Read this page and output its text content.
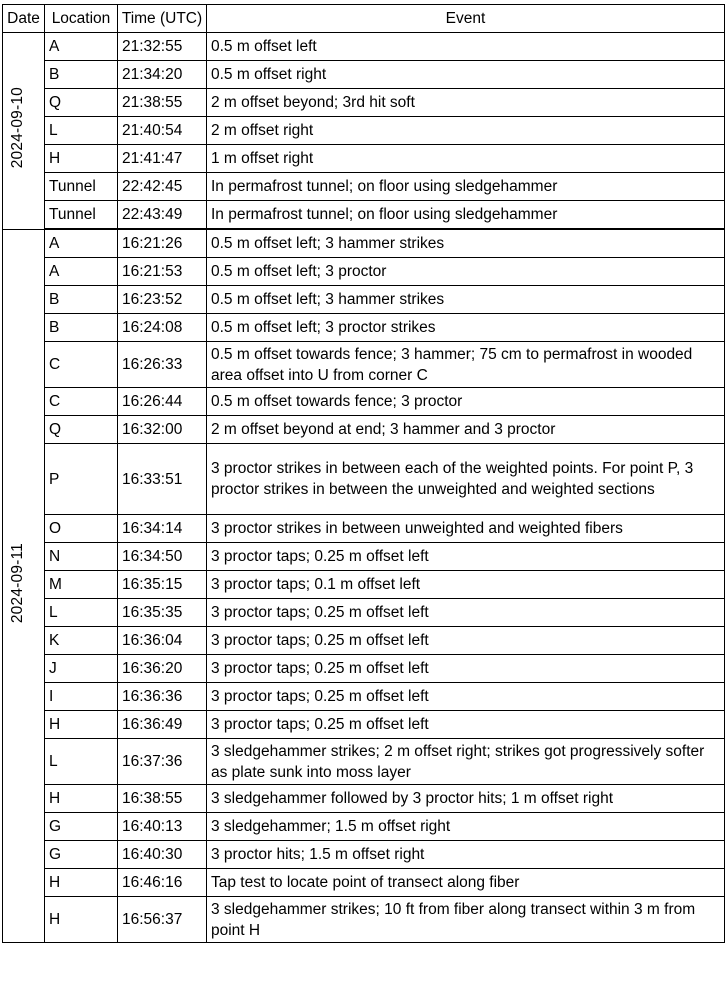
Date	Location	Time (UTC)	Event
2024-09-10	A	21:32:55	0.5 m offset left
	B	21:34:20	0.5 m offset right
	Q	21:38:55	2 m offset beyond; 3rd hit soft
	L	21:40:54	2 m offset right
	H	21:41:47	1 m offset right
	Tunnel	22:42:45	In permafrost tunnel; on floor using sledgehammer
	Tunnel	22:43:49	In permafrost tunnel; on floor using sledgehammer
2024-09-11	A	16:21:26	0.5 m offset left; 3 hammer strikes
	A	16:21:53	0.5 m offset left; 3 proctor
	B	16:23:52	0.5 m offset left; 3 hammer strikes
	B	16:24:08	0.5 m offset left; 3 proctor strikes
	C	16:26:33	0.5 m offset towards fence; 3 hammer; 75 cm to permafrost in wooded area offset into U from corner C
	C	16:26:44	0.5 m offset towards fence; 3 proctor
	Q	16:32:00	2 m offset beyond at end; 3 hammer and 3 proctor
	P	16:33:51	3 proctor strikes in between each of the weighted points. For point P, 3 proctor strikes in between the unweighted and weighted sections
	O	16:34:14	3 proctor strikes in between unweighted and weighted fibers
	N	16:34:50	3 proctor taps; 0.25 m offset left
	M	16:35:15	3 proctor taps; 0.1 m offset left
	L	16:35:35	3 proctor taps; 0.25 m offset left
	K	16:36:04	3 proctor taps; 0.25 m offset left
	J	16:36:20	3 proctor taps; 0.25 m offset left
	I	16:36:36	3 proctor taps; 0.25 m offset left
	H	16:36:49	3 proctor taps; 0.25 m offset left
	L	16:37:36	3 sledgehammer strikes; 2 m offset right; strikes got progressively softer as plate sunk into moss layer
	H	16:38:55	3 sledgehammer followed by 3 proctor hits; 1 m offset right
	G	16:40:13	3 sledgehammer; 1.5 m offset right
	G	16:40:30	3 proctor hits; 1.5 m offset right
	H	16:46:16	Tap test to locate point of transect along fiber
	H	16:56:37	3 sledgehammer strikes; 10 ft from fiber along transect within 3 m from point H
